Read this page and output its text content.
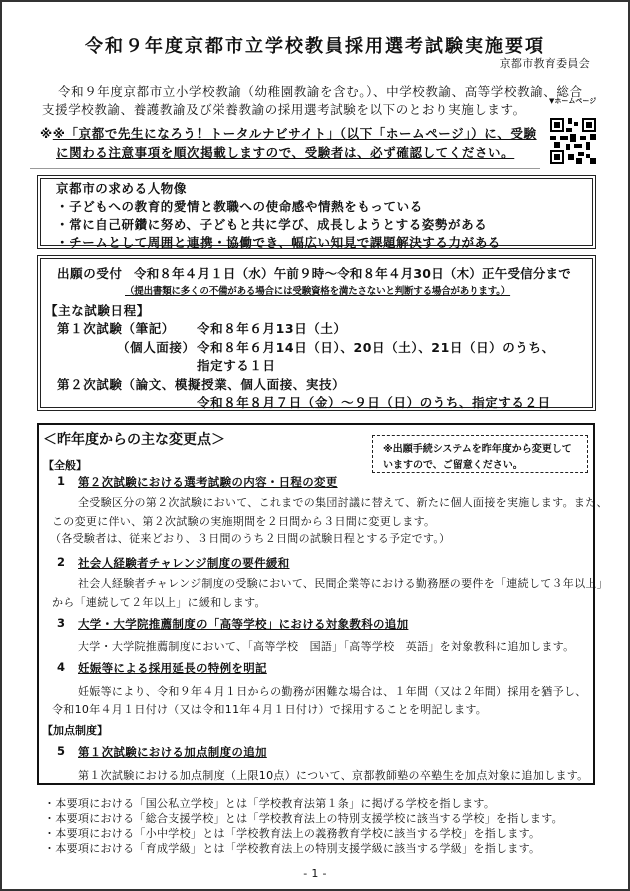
令和９年度京都市立学校教員採用選考試験実施要項
京都市教育委員会
令和９年度京都市立小学校教諭（幼稚園教諭を含む。）、中学校教諭、高等学校教諭、総合
支援学校教諭、養護教諭及び栄養教諭の採用選考試験を以下のとおり実施します。
▼ホームページ
※※「京都で先生になろう！トータルナビサイト」（以下「ホームページ」）に、受験
に関わる注意事項を順次掲載しますので、受験者は、必ず確認してください。
京都市の求める人物像
・子どもへの教育的愛情と教職への使命感や情熱をもっている
・常に自己研鑽に努め、子どもと共に学び、成長しようとする姿勢がある
・チームとして周囲と連携・協働でき、幅広い知見で課題解決する力がある
出願の受付 令和８年４月１日（水）午前９時～令和８年４月30日（木）正午受信分まで
（提出書類に多くの不備がある場合には受験資格を満たさないと判断する場合があります。）
【主な試験日程】
第１次試験（筆記） 令和８年６月13日（土）
（個人面接） 令和８年６月14日（日）、20日（土）、21日（日）のうち、
指定する１日
第２次試験（論文、模擬授業、個人面接、実技）
令和８年８月７日（金）～９日（日）のうち、指定する２日
＜昨年度からの主な変更点＞
※出願手続システムを昨年度から変更して
いますので、ご留意ください。
【全般】
1 第２次試験における選考試験の内容・日程の変更
全受験区分の第２次試験において、これまでの集団討議に替えて、新たに個人面接を実施します。また、
この変更に伴い、第２次試験の実施期間を２日間から３日間に変更します。
（各受験者は、従来どおり、３日間のうち２日間の試験日程とする予定です。）
2 社会人経験者チャレンジ制度の要件緩和
社会人経験者チャレンジ制度の受験において、民間企業等における勤務歴の要件を「連続して３年以上」
から「連続して２年以上」に緩和します。
3 大学・大学院推薦制度の「高等学校」における対象教科の追加
大学・大学院推薦制度において、「高等学校　国語」「高等学校　英語」を対象教科に追加します。
4 妊娠等による採用延長の特例を明記
妊娠等により、令和９年４月１日からの勤務が困難な場合は、１年間（又は２年間）採用を猶予し、
令和10年４月１日付け（又は令和11年４月１日付け）で採用することを明記します。
5 第１次試験における加点制度の追加
第１次試験における加点制度（上限10点）について、京都教師塾の卒塾生を加点対象に追加します。
【加点制度】
・本要項における「国公私立学校」とは「学校教育法第１条」に掲げる学校を指します。
・本要項における「総合支援学校」とは「学校教育法上の特別支援学校に該当する学校」を指します。
・本要項における「小中学校」とは「学校教育法上の義務教育学校に該当する学校」を指します。
・本要項における「育成学級」とは「学校教育法上の特別支援学級に該当する学級」を指します。
- 1 -
